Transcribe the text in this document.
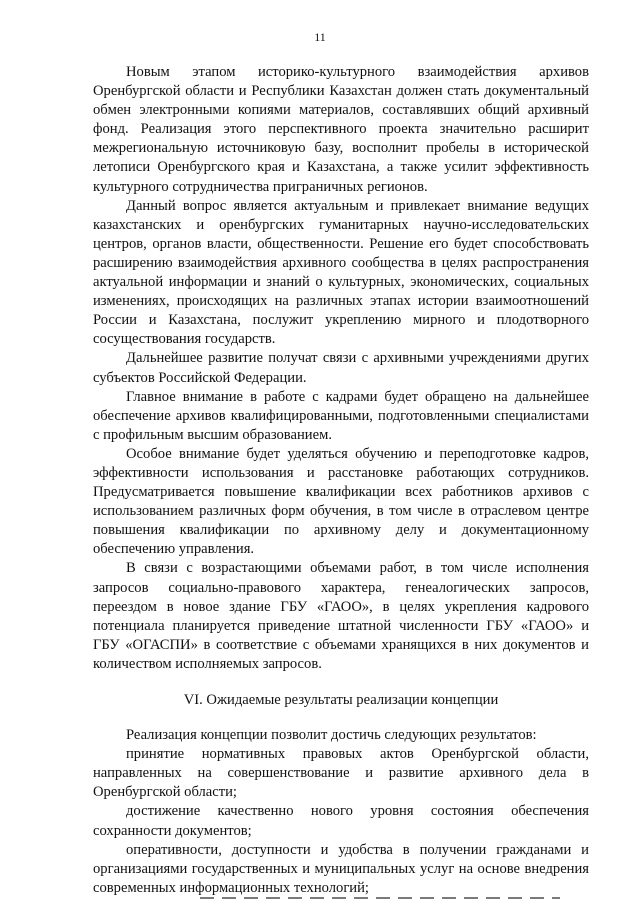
11

Новым этапом историко-культурного взаимодействия архивов Оренбургской области и Республики Казахстан должен стать документальный обмен электронными копиями материалов, составлявших общий архивный фонд. Реализация этого перспективного проекта значительно расширит межрегиональную источниковую базу, восполнит пробелы в исторической летописи Оренбургского края и Казахстана, а также усилит эффективность культурного сотрудничества приграничных регионов.

Данный вопрос является актуальным и привлекает внимание ведущих казахстанских и оренбургских гуманитарных научно-исследовательских центров, органов власти, общественности. Решение его будет способствовать расширению взаимодействия архивного сообщества в целях распространения актуальной информации и знаний о культурных, экономических, социальных изменениях, происходящих на различных этапах истории взаимоотношений России и Казахстана, послужит укреплению мирного и плодотворного сосуществования государств.

Дальнейшее развитие получат связи с архивными учреждениями других субъектов Российской Федерации.

Главное внимание в работе с кадрами будет обращено на дальнейшее обеспечение архивов квалифицированными, подготовленными специалистами с профильным высшим образованием.

Особое внимание будет уделяться обучению и переподготовке кадров, эффективности использования и расстановке работающих сотрудников. Предусматривается повышение квалификации всех работников архивов с использованием различных форм обучения, в том числе в отраслевом центре повышения квалификации по архивному делу и документационному обеспечению управления.

В связи с возрастающими объемами работ, в том числе исполнения запросов социально-правового характера, генеалогических запросов, переездом в новое здание ГБУ «ГАОО», в целях укрепления кадрового потенциала планируется приведение штатной численности ГБУ «ГАОО» и ГБУ «ОГАСПИ» в соответствие с объемами хранящихся в них документов и количеством исполняемых запросов.

VI. Ожидаемые результаты реализации концепции

Реализация концепции позволит достичь следующих результатов:

принятие нормативных правовых актов Оренбургской области, направленных на совершенствование и развитие архивного дела в Оренбургской области;

достижение качественно нового уровня состояния обеспечения сохранности документов;

оперативности, доступности и удобства в получении гражданами и организациями государственных и муниципальных услуг на основе внедрения современных информационных технологий;
